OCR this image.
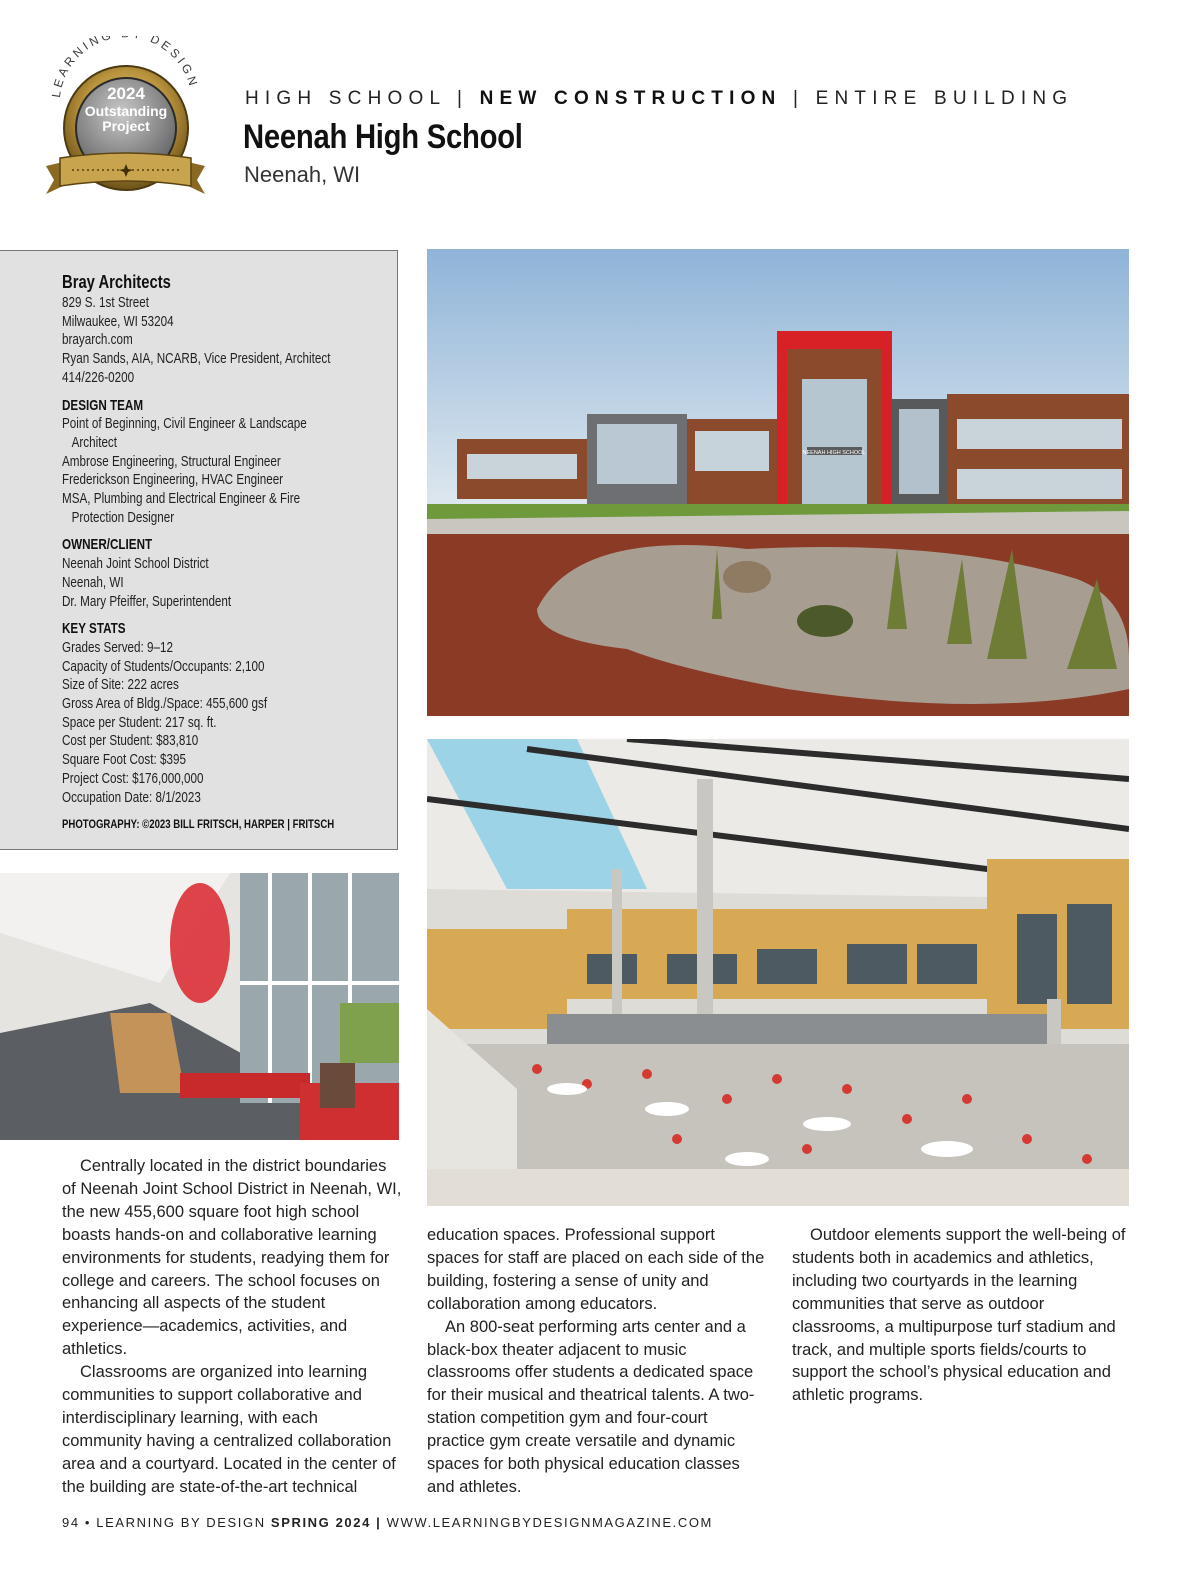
LEARNIN DESIGN
2024
Outstanding
Project
HIGH SCHOOL | NEW CONSTRUCTION | ENTIRE BUILDING
Neenah High School
Neenah, WI
Bray Architects
829 S. 1st Street
Milwaukee, WI 53204
brayarch.com
Ryan Sands, AIA, NCARB, Vice President, Architect
414/226-0200
DESIGN TEAM
Point of Beginning, Civil Engineer & Landscape
Architect
Ambrose Engineering, Structural Engineer
Frederickson Engineering, HVAC Engineer
MSA, Plumbing and Electrical Engineer & Fire
Protection Designer
OWNER/CLIENT
Neenah Joint School District
Neenah, WI
Dr. Mary Pfeiffer, Superintendent
KEY STATS
Grades Served: 9–12
Capacity of Students/Occupants: 2,100
Size of Site: 222 acres
Gross Area of Bldg./Space: 455,600 gsf
Space per Student: 217 sq. ft.
Cost per Student: $83,810
Square Foot Cost: $395
Project Cost: $176,000,000
Occupation Date: 8/1/2023
PHOTOGRAPHY: ©2023 BILL FRITSCH, HARPER | FRITSCH
NEENAH HIGH SCHOOL

Centrally located in the district boundaries of Neenah Joint School District in Neenah, WI, the new 455,600 square foot high school boasts hands-on and collaborative learning environments for students, readying them for college and careers. The school focuses on enhancing all aspects of the student experience—academics, activities, and athletics.

Classrooms are organized into learning communities to support collaborative and interdisciplinary learning, with each community having a centralized collaboration area and a courtyard. Located in the center of the building are state-of-the-art technical

education spaces. Professional support spaces for staff are placed on each side of the building, fostering a sense of unity and collaboration among educators.

An 800-seat performing arts center and a black-box theater adjacent to music classrooms offer students a dedicated space for their musical and theatrical talents. A two-station competition gym and four-court practice gym create versatile and dynamic spaces for both physical education classes and athletes.

Outdoor elements support the well-being of students both in academics and athletics, including two courtyards in the learning communities that serve as outdoor classrooms, a multipurpose turf stadium and track, and multiple sports fields/courts to support the school’s physical education and athletic programs.

94 • LEARNING BY DESIGN SPRING 2024 | WWW.LEARNINGBYDESIGNMAGAZINE.COM
